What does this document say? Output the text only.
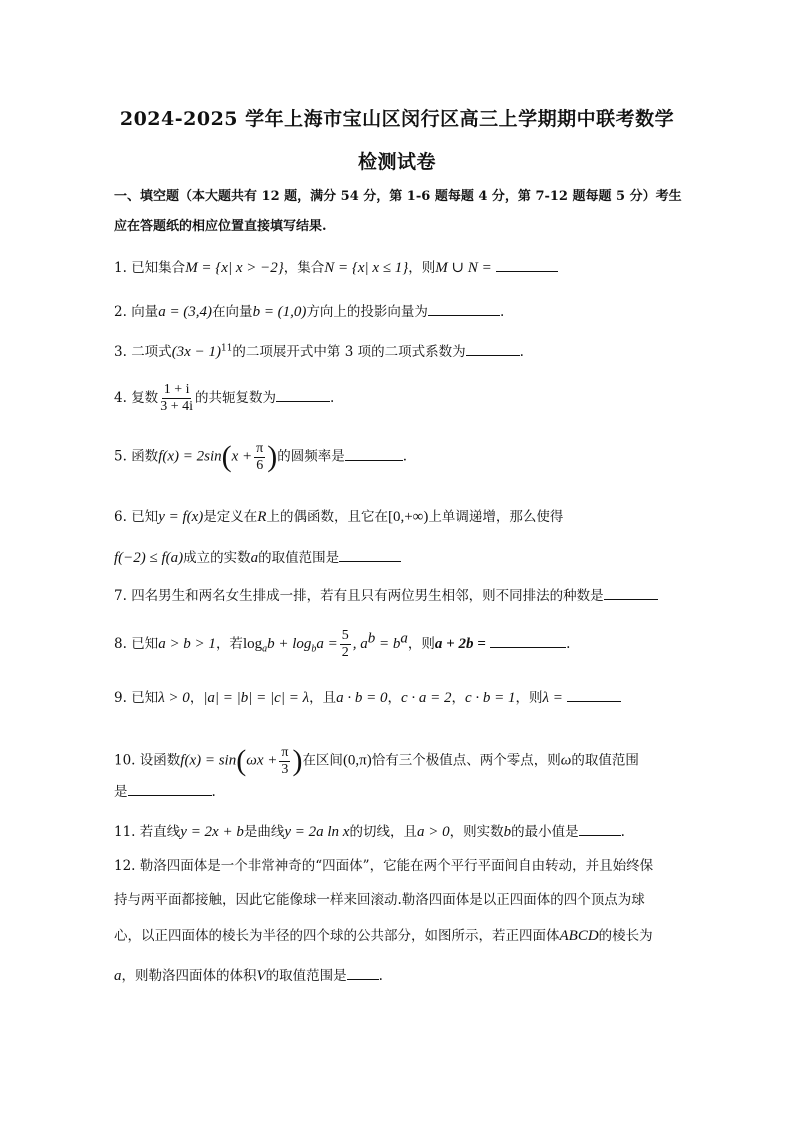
2024-2025 学年上海市宝山区闵行区高三上学期期中联考数学
检测试卷
一、填空题（本大题共有 12 题，满分 54 分，第 1-6 题每题 4 分，第 7-12 题每题 5 分）考生应在答题纸的相应位置直接填写结果.
1. 已知集合M = {x| x > −2}，集合N = {x| x ≤ 1}，则M ∪ N =
2. 向量a = (3,4)在向量b = (1,0)方向上的投影向量为	.
3. 二项式$(3x - 1)^{11}$的二项展开式中第 3 项的二项式系数为	.
4. 复数 $\frac{1 + i}{3 + 4i}$ 的共轭复数为	.
5. 函数$f(x) = 2\sin(x + \frac{\pi}{6}$ )的圆频率是	.
6. 已知y = f(x)是定义在R上的偶函数，且它在[0,+∞)上单调递增，那么使得
f(−2) ≤ f(a)成立的实数a的取值范围是
7. 四名男生和两名女生排成一排，若有且只有两位男生相邻，则不同排法的种数是
8. 已知a > b > 1，若$\log_ab + \log_ba = \frac{5}{2}$ , $a^b = b^a$，则a + 2b =	.
9. 已知λ > 0，|a| = |b| = |c| = λ，且a · b = 0，c · a = 2，c · b = 1，则λ =
10. 设函数$f(x) = \sin(\omega x + \frac{\pi}{3}$ )在区间(0,π)恰有三个极值点、两个零点，则ω的取值范围
是	.
11. 若直线y = 2x + b是曲线y = 2a ln x的切线，且a > 0，则实数b的最小值是	.
12. 勒洛四面体是一个非常神奇的“四面体”，它能在两个平行平面间自由转动，并且始终保
持与两平面都接触，因此它能像球一样来回滚动.勒洛四面体是以正四面体的四个顶点为球
心，以正四面体的棱长为半径的四个球的公共部分，如图所示，若正四面体ABCD的棱长为
a，则勒洛四面体的体积V的取值范围是 .
